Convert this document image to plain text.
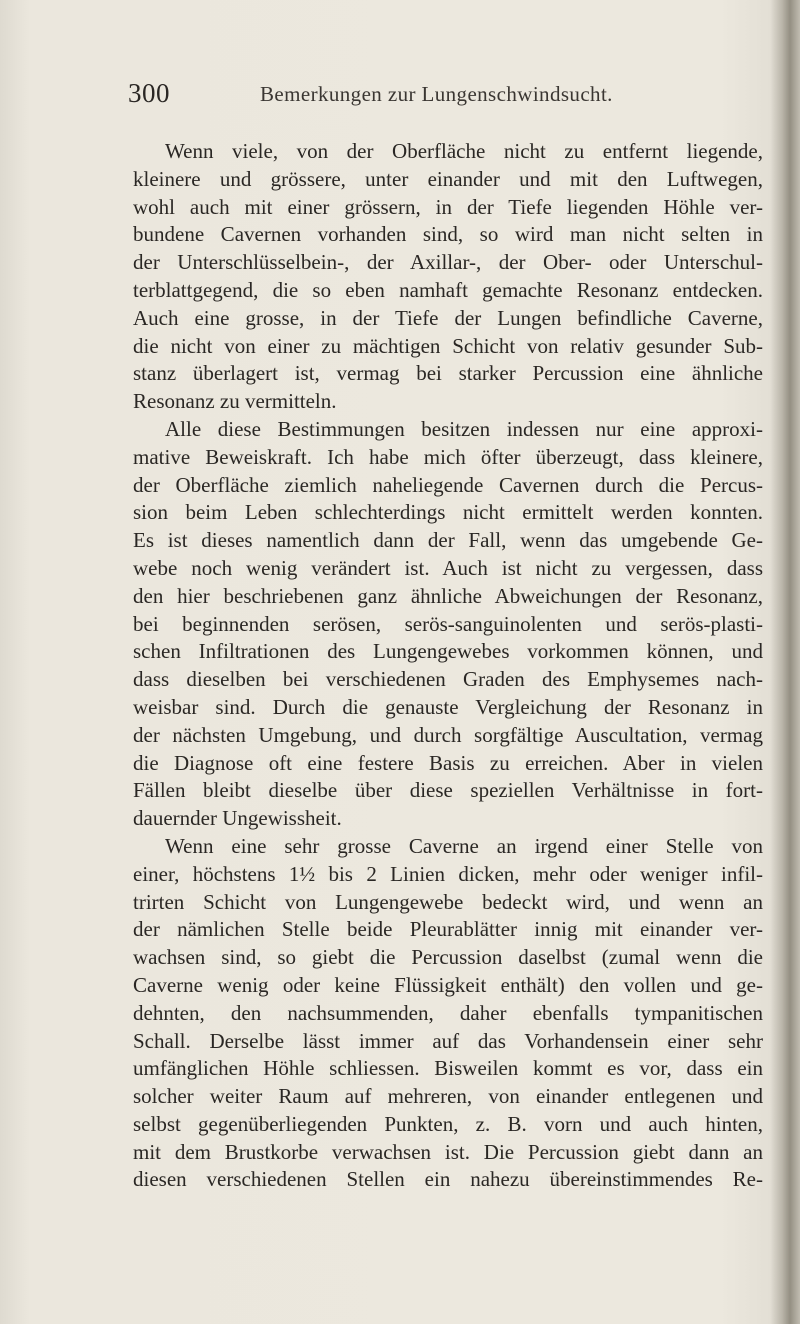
300	Bemerkungen zur Lungenschwindsucht.
Wenn viele, von der Oberfläche nicht zu entfernt liegende,
kleinere und grössere, unter einander und mit den Luftwegen,
wohl auch mit einer grössern, in der Tiefe liegenden Höhle ver-
bundene Cavernen vorhanden sind, so wird man nicht selten in
der Unterschlüsselbein-, der Axillar-, der Ober- oder Unterschul-
terblattgegend, die so eben namhaft gemachte Resonanz entdecken.
Auch eine grosse, in der Tiefe der Lungen befindliche Caverne,
die nicht von einer zu mächtigen Schicht von relativ gesunder Sub-
stanz überlagert ist, vermag bei starker Percussion eine ähnliche
Resonanz zu vermitteln.
Alle diese Bestimmungen besitzen indessen nur eine approxi-
mative Beweiskraft. Ich habe mich öfter überzeugt, dass kleinere,
der Oberfläche ziemlich naheliegende Cavernen durch die Percus-
sion beim Leben schlechterdings nicht ermittelt werden konnten.
Es ist dieses namentlich dann der Fall, wenn das umgebende Ge-
webe noch wenig verändert ist. Auch ist nicht zu vergessen, dass
den hier beschriebenen ganz ähnliche Abweichungen der Resonanz,
bei beginnenden serösen, serös-sanguinolenten und serös-plasti-
schen Infiltrationen des Lungengewebes vorkommen können, und
dass dieselben bei verschiedenen Graden des Emphysemes nach-
weisbar sind. Durch die genauste Vergleichung der Resonanz in
der nächsten Umgebung, und durch sorgfältige Auscultation, vermag
die Diagnose oft eine festere Basis zu erreichen. Aber in vielen
Fällen bleibt dieselbe über diese speziellen Verhältnisse in fort-
dauernder Ungewissheit.
Wenn eine sehr grosse Caverne an irgend einer Stelle von
einer, höchstens 1½ bis 2 Linien dicken, mehr oder weniger infil-
trirten Schicht von Lungengewebe bedeckt wird, und wenn an
der nämlichen Stelle beide Pleurablätter innig mit einander ver-
wachsen sind, so giebt die Percussion daselbst (zumal wenn die
Caverne wenig oder keine Flüssigkeit enthält) den vollen und ge-
dehnten, den nachsummenden, daher ebenfalls tympanitischen
Schall. Derselbe lässt immer auf das Vorhandensein einer sehr
umfänglichen Höhle schliessen. Bisweilen kommt es vor, dass ein
solcher weiter Raum auf mehreren, von einander entlegenen und
selbst gegenüberliegenden Punkten, z. B. vorn und auch hinten,
mit dem Brustkorbe verwachsen ist. Die Percussion giebt dann an
diesen verschiedenen Stellen ein nahezu übereinstimmendes Re-
